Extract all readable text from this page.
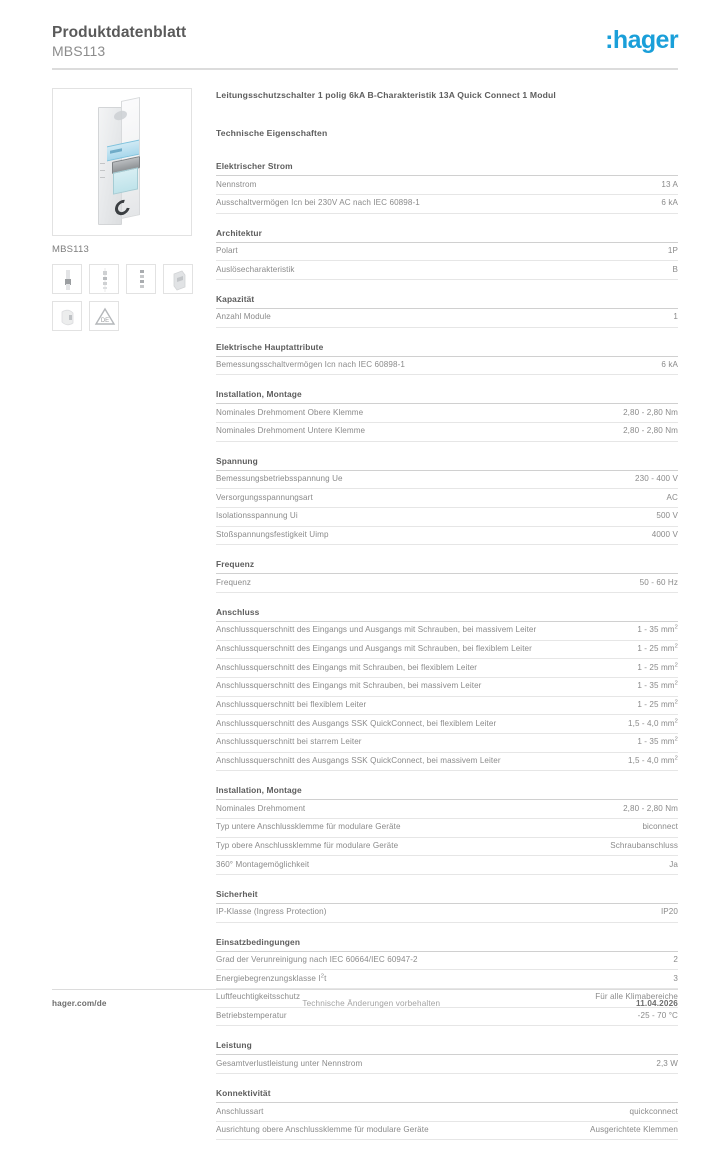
Produktdatenblatt
MBS113	:hager
MBS113
DE
Leitungsschutzschalter 1 polig 6kA B-Charakteristik 13A Quick Connect 1 Modul
Technische Eigenschaften
Elektrischer Strom
Nennstrom	13 A
Ausschaltvermögen Icn bei 230V AC nach IEC 60898-1	6 kA
Architektur
Polart	1P
Auslösecharakteristik	B
Kapazität
Anzahl Module	1
Elektrische Hauptattribute
Bemessungsschaltvermögen Icn nach IEC 60898-1	6 kA
Installation, Montage
Nominales Drehmoment Obere Klemme	2,80 - 2,80 Nm
Nominales Drehmoment Untere Klemme	2,80 - 2,80 Nm
Spannung
Bemessungsbetriebsspannung Ue	230 - 400 V
Versorgungsspannungsart	AC
Isolationsspannung Ui	500 V
Stoßspannungsfestigkeit Uimp	4000 V
Frequenz
Frequenz	50 - 60 Hz
Anschluss
Anschlussquerschnitt des Eingangs und Ausgangs mit Schrauben, bei massivem Leiter	1 - 35 $mm^2$
Anschlussquerschnitt des Eingangs und Ausgangs mit Schrauben, bei flexiblem Leiter	1 - 25 $mm^2$
Anschlussquerschnitt des Eingangs mit Schrauben, bei flexiblem Leiter	1 - 25 $mm^2$
Anschlussquerschnitt des Eingangs mit Schrauben, bei massivem Leiter	1 - 35 $mm^2$
Anschlussquerschnitt bei flexiblem Leiter	1 - 25 $mm^2$
Anschlussquerschnitt des Ausgangs SSK QuickConnect, bei flexiblem Leiter	1,5 - 4,0 $mm^2$
Anschlussquerschnitt bei starrem Leiter	1 - 35 $mm^2$
Anschlussquerschnitt des Ausgangs SSK QuickConnect, bei massivem Leiter	1,5 - 4,0 $mm^2$
Installation, Montage
Nominales Drehmoment	2,80 - 2,80 Nm
Typ untere Anschlussklemme für modulare Geräte	biconnect
Typ obere Anschlussklemme für modulare Geräte	Schraubanschluss
360° Montagemöglichkeit	Ja
Sicherheit
IP-Klasse (Ingress Protection)	IP20
Einsatzbedingungen
Grad der Verunreinigung nach IEC 60664/IEC 60947-2	2
Energiebegrenzungsklasse $I^2t$	3
Luftfeuchtigkeitsschutz	Für alle Klimabereiche
Betriebstemperatur	-25 - 70 °C
Leistung
Gesamtverlustleistung unter Nennstrom	2,3 W
Konnektivität
Anschlussart	quickconnect
Ausrichtung obere Anschlussklemme für modulare Geräte	Ausgerichtete Klemmen
hager.com/de	Technische Änderungen vorbehalten	11.04.2026
